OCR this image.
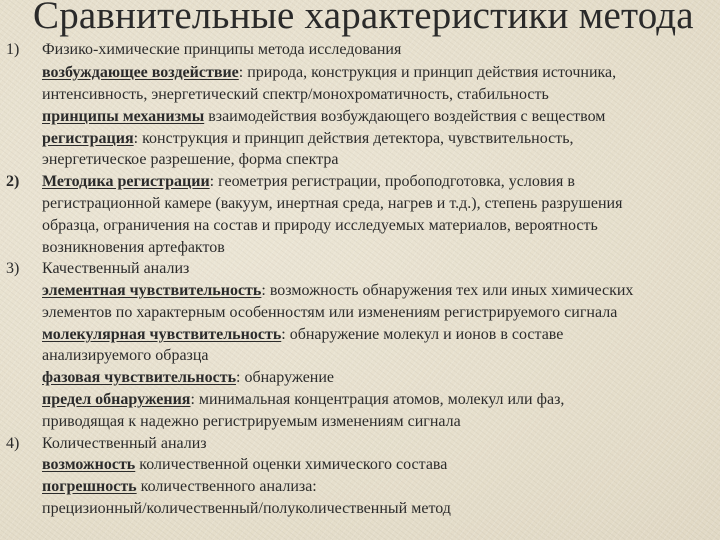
Сравнительные характеристики метода
1) Физико-химические принципы метода исследования
возбуждающее воздействие: природа, конструкция и принцип действия источника,
интенсивность, энергетический спектр/монохроматичность, стабильность
принципы механизмы взаимодействия возбуждающего воздействия с веществом
регистрация: конструкция и принцип действия детектора, чувствительность,
энергетическое разрешение, форма спектра
2) Методика регистрации: геометрия регистрации, пробоподготовка, условия в
регистрационной камере (вакуум, инертная среда, нагрев и т.д.), степень разрушения
образца, ограничения на состав и природу исследуемых материалов, вероятность
возникновения артефактов
3) Качественный анализ
элементная чувствительность: возможность обнаружения тех или иных химических
элементов по характерным особенностям или изменениям регистрируемого сигнала
молекулярная чувствительность: обнаружение молекул и ионов в составе
анализируемого образца
фазовая чувствительность: обнаружение
предел обнаружения: минимальная концентрация атомов, молекул или фаз,
приводящая к надежно регистрируемым изменениям сигнала
4) Количественный анализ
возможность количественной оценки химического состава
погрешность количественного анализа:
прецизионный/количественный/полуколичественный метод
